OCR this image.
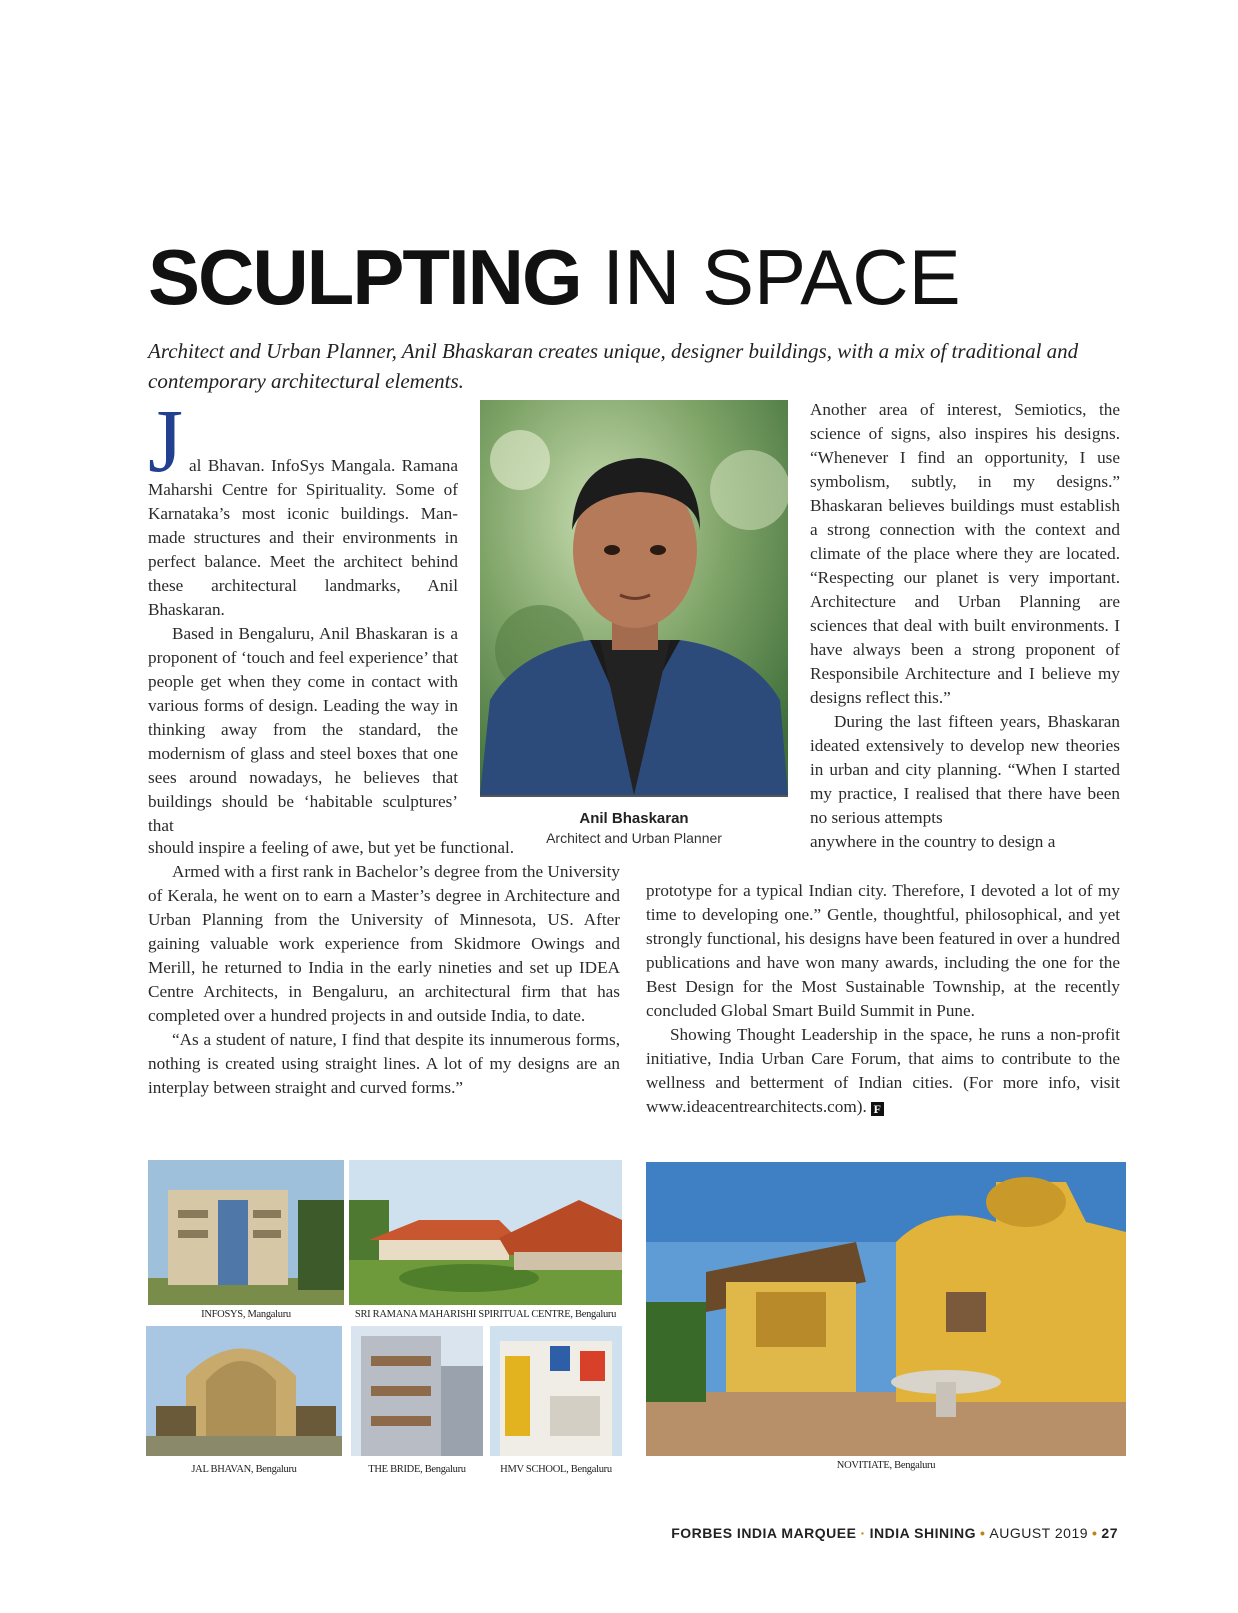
SCULPTING IN SPACE

Architect and Urban Planner, Anil Bhaskaran creates unique, designer buildings, with a mix of traditional and contemporary architectural elements.

Jal Bhavan. InfoSys Mangala. Ramana Maharshi Centre for Spirituality. Some of Karnataka’s most iconic buildings. Man-made structures and their environments in perfect balance. Meet the architect behind these architectural landmarks, Anil Bhaskaran.

Based in Bengaluru, Anil Bhaskaran is a proponent of ‘touch and feel experience’ that people get when they come in contact with various forms of design. Leading the way in thinking away from the standard, the modernism of glass and steel boxes that one sees around nowadays, he believes that buildings should be ‘habitable sculptures’ that

should inspire a feeling of awe, but yet be functional.

Armed with a first rank in Bachelor’s degree from the University of Kerala, he went on to earn a Master’s degree in Architecture and Urban Planning from the University of Minnesota, US. After gaining valuable work experience from Skidmore Owings and Merill, he returned to India in the early nineties and set up IDEA Centre Architects, in Bengaluru, an architectural firm that has completed over a hundred projects in and outside India, to date.

“As a student of nature, I find that despite its innumerous forms, nothing is created using straight lines. A lot of my designs are an interplay between straight and curved forms.”

Anil Bhaskaran
Architect and Urban Planner

Another area of interest, Semiotics, the science of signs, also inspires his designs. “Whenever I find an opportunity, I use symbolism, subtly, in my designs.” Bhaskaran believes buildings must establish a strong connection with the context and climate of the place where they are located. “Respecting our planet is very important. Architecture and Urban Planning are sciences that deal with built environments. I have always been a strong proponent of Responsibile Architecture and I believe my designs reflect this.”

During the last fifteen years, Bhaskaran ideated extensively to develop new theories in urban and city planning. “When I started my practice, I realised that there have been no serious attempts

anywhere in the country to design a

prototype for a typical Indian city. Therefore, I devoted a lot of my time to developing one.” Gentle, thoughtful, philosophical, and yet strongly functional, his designs have been featured in over a hundred publications and have won many awards, including the one for the Best Design for the Most Sustainable Township, at the recently concluded Global Smart Build Summit in Pune.

Showing Thought Leadership in the space, he runs a non-profit initiative, India Urban Care Forum, that aims to contribute to the wellness and betterment of Indian cities. (For more info, visit www.ideacentrearchitects.com). F

INFOSYS, Mangaluru	SRI RAMANA MAHARISHI SPIRITUAL CENTRE, Bengaluru
JAL BHAVAN, Bengaluru	THE BRIDE, Bengaluru	HMV SCHOOL, Bengaluru	NOVITIATE, Bengaluru
FORBES INDIA MARQUEE · INDIA SHINING • AUGUST 2019 • 27
